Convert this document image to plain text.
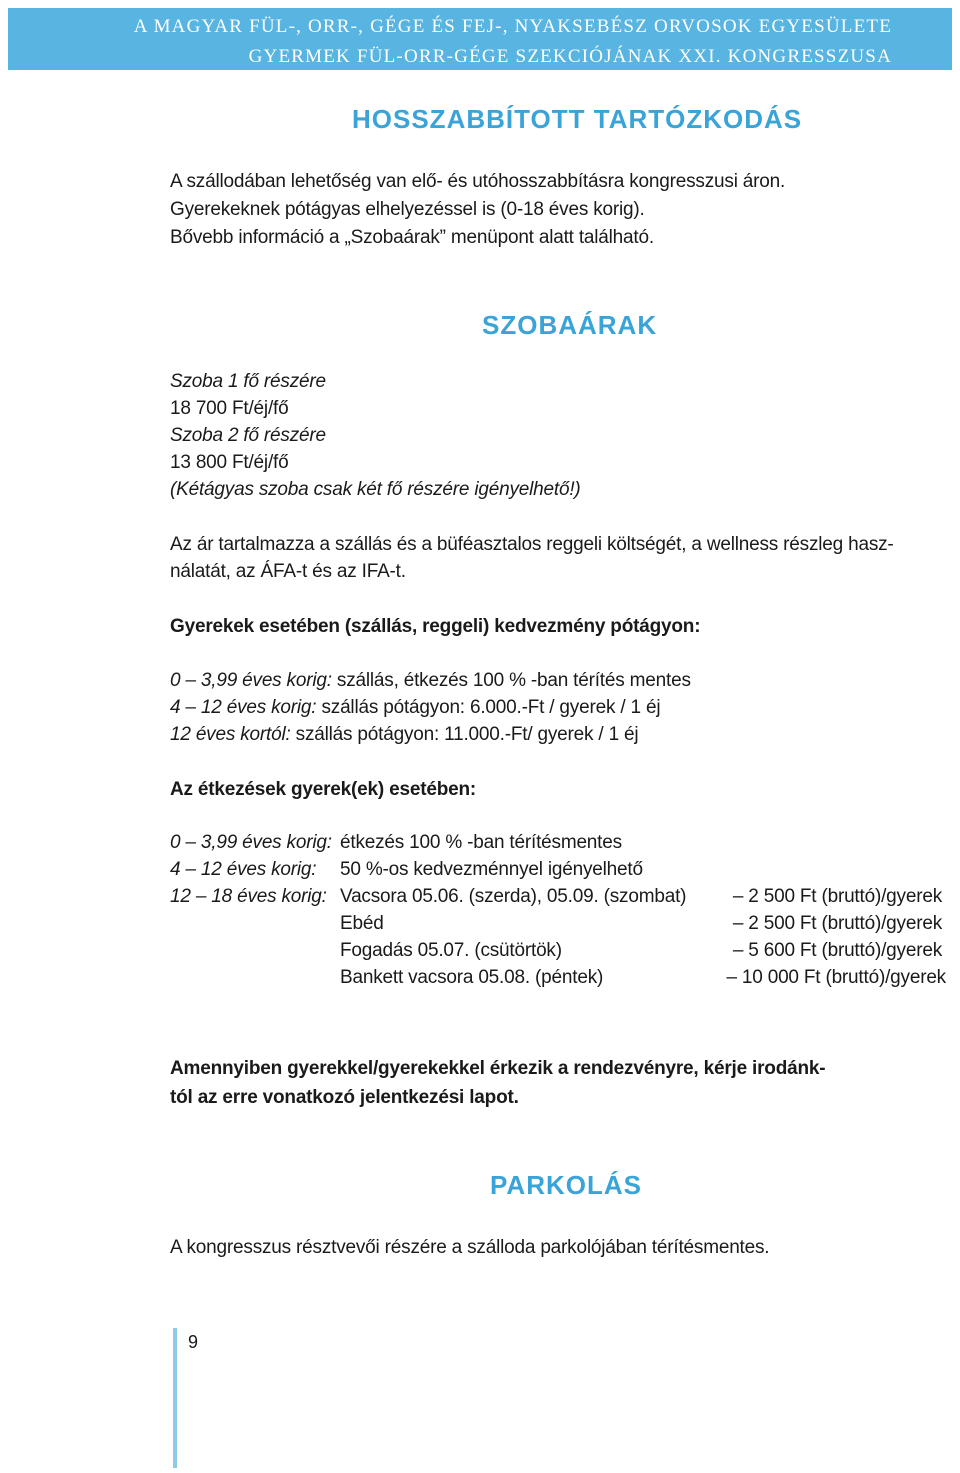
A MAGYAR FÜL-, ORR-, GÉGE ÉS FEJ-, NYAKSEBÉSZ ORVOSOK EGYESÜLETE
GYERMEK FÜL-ORR-GÉGE SZEKCIÓJÁNAK XXI. KONGRESSZUSA
HOSSZABBÍTOTT TARTÓZKODÁS
A szállodában lehetőség van elő- és utóhosszabbításra kongresszusi áron.
Gyerekeknek pótágyas elhelyezéssel is (0-18 éves korig).
Bővebb információ a „Szobaárak” menüpont alatt található.
SZOBAÁRAK
Szoba 1 fő részére
18 700 Ft/éj/fő
Szoba 2 fő részére
13 800 Ft/éj/fő
(Kétágyas szoba csak két fő részére igényelhető!)
Az ár tartalmazza a szállás és a büféasztalos reggeli költségét, a wellness részleg hasz-
nálatát, az ÁFA-t és az IFA-t.
Gyerekek esetében (szállás, reggeli) kedvezmény pótágyon:
0 – 3,99 éves korig: szállás, étkezés 100 % -ban térítés mentes
4 – 12 éves korig: szállás pótágyon: 6.000.-Ft / gyerek / 1 éj
12 éves kortól: szállás pótágyon: 11.000.-Ft/ gyerek / 1 éj
Az étkezések gyerek(ek) esetében:
0 – 3,99 éves korig: étkezés 100 % -ban térítésmentes
4 – 12 éves korig: 50 %-os kedvezménnyel igényelhető
12 – 18 éves korig: Vacsora 05.06. (szerda), 05.09. (szombat) – 2 500 Ft (bruttó)/gyerek
Ebéd	– 2 500 Ft (bruttó)/gyerek
Fogadás 05.07. (csütörtök)	– 5 600 Ft (bruttó)/gyerek
Bankett vacsora 05.08. (péntek)	– 10 000 Ft (bruttó)/gyerek
Amennyiben gyerekkel/gyerekekkel érkezik a rendezvényre, kérje irodánk-
tól az erre vonatkozó jelentkezési lapot.
PARKOLÁS
A kongresszus résztvevői részére a szálloda parkolójában térítésmentes.
9
